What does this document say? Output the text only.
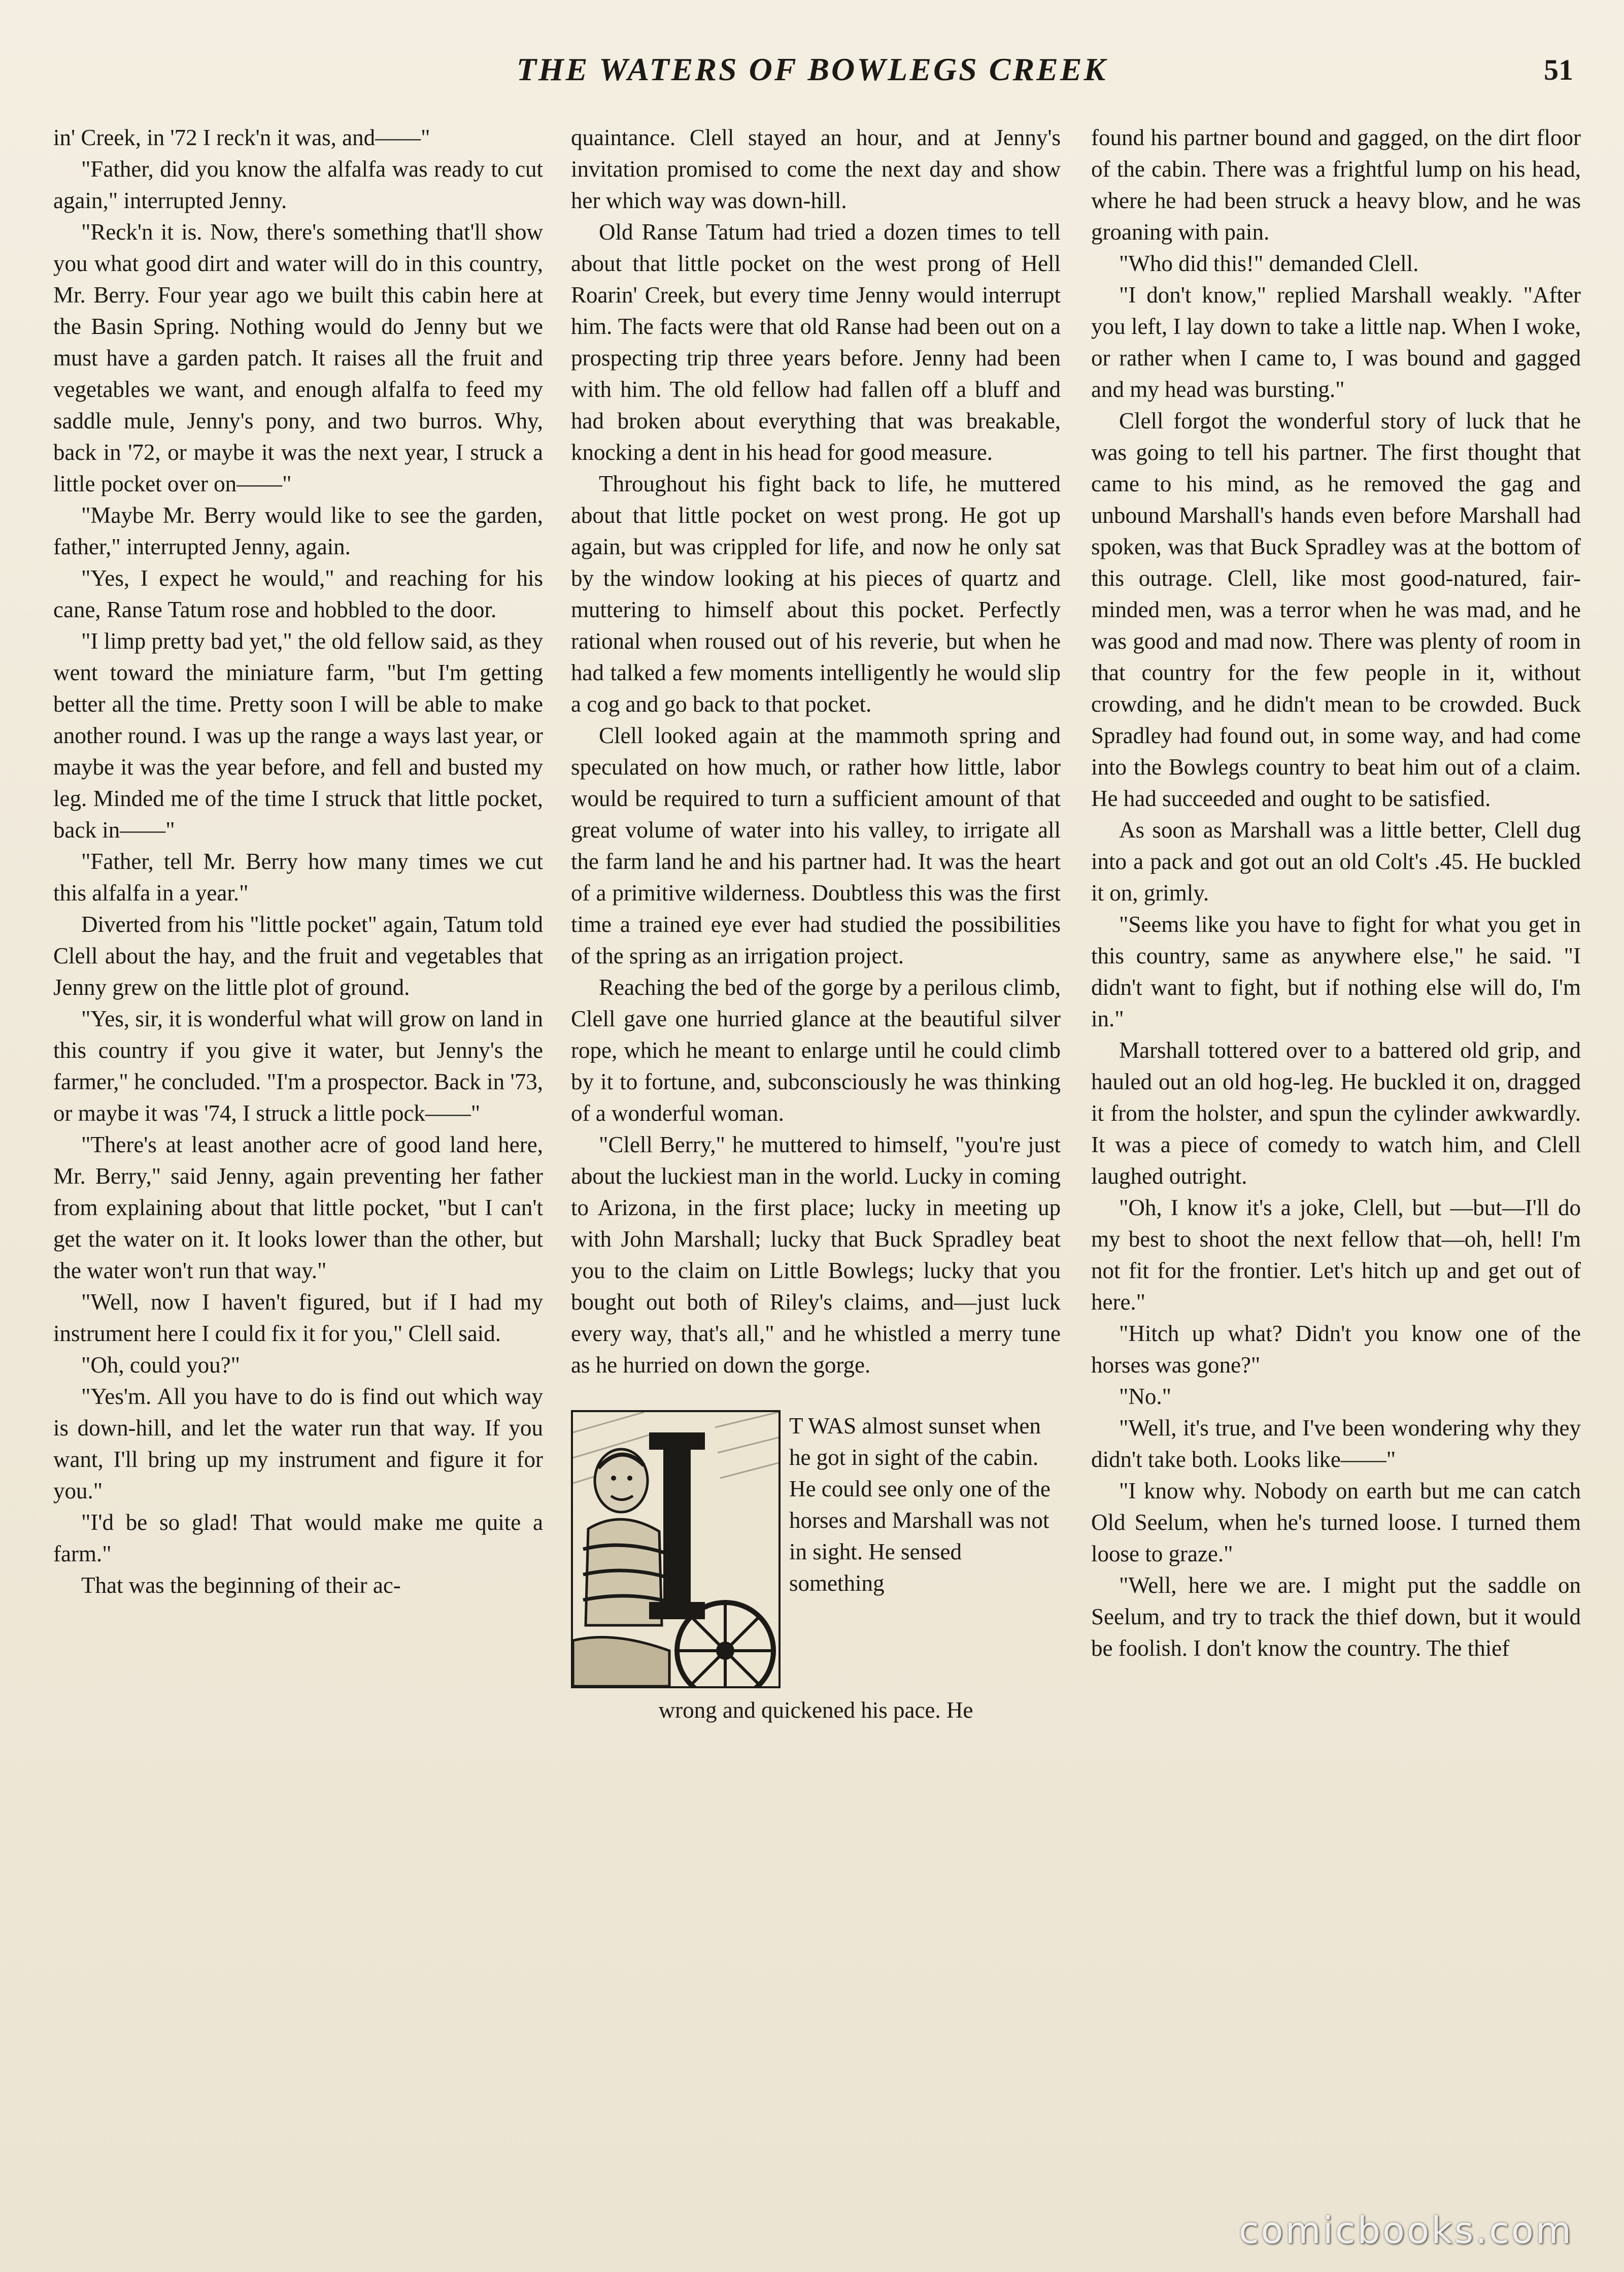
THE WATERS OF BOWLEGS CREEK	51

in' Creek, in '72 I reck'n it was, and——"

"Father, did you know the alfalfa was ready to cut again," interrupted Jenny.

"Reck'n it is. Now, there's something that'll show you what good dirt and water will do in this country, Mr. Berry. Four year ago we built this cabin here at the Basin Spring. Nothing would do Jenny but we must have a garden patch. It raises all the fruit and vegetables we want, and enough alfalfa to feed my saddle mule, Jenny's pony, and two burros. Why, back in '72, or maybe it was the next year, I struck a little pocket over on——"

"Maybe Mr. Berry would like to see the garden, father," interrupted Jenny, again.

"Yes, I expect he would," and reaching for his cane, Ranse Tatum rose and hobbled to the door.

"I limp pretty bad yet," the old fellow said, as they went toward the miniature farm, "but I'm getting better all the time. Pretty soon I will be able to make another round. I was up the range a ways last year, or maybe it was the year before, and fell and busted my leg. Minded me of the time I struck that little pocket, back in——"

"Father, tell Mr. Berry how many times we cut this alfalfa in a year."

Diverted from his "little pocket" again, Tatum told Clell about the hay, and the fruit and vegetables that Jenny grew on the little plot of ground.

"Yes, sir, it is wonderful what will grow on land in this country if you give it water, but Jenny's the farmer," he concluded. "I'm a prospector. Back in '73, or maybe it was '74, I struck a little pock——"

"There's at least another acre of good land here, Mr. Berry," said Jenny, again preventing her father from explaining about that little pocket, "but I can't get the water on it. It looks lower than the other, but the water won't run that way."

"Well, now I haven't figured, but if I had my instrument here I could fix it for you," Clell said.

"Oh, could you?"

"Yes'm. All you have to do is find out which way is down-hill, and let the water run that way. If you want, I'll bring up my instrument and figure it for you."

"I'd be so glad! That would make me quite a farm."

That was the beginning of their ac-

quaintance. Clell stayed an hour, and at Jenny's invitation promised to come the next day and show her which way was down-hill.

Old Ranse Tatum had tried a dozen times to tell about that little pocket on the west prong of Hell Roarin' Creek, but every time Jenny would interrupt him. The facts were that old Ranse had been out on a prospecting trip three years before. Jenny had been with him. The old fellow had fallen off a bluff and had broken about everything that was breakable, knocking a dent in his head for good measure.

Throughout his fight back to life, he muttered about that little pocket on west prong. He got up again, but was crippled for life, and now he only sat by the window looking at his pieces of quartz and muttering to himself about this pocket. Perfectly rational when roused out of his reverie, but when he had talked a few moments intelligently he would slip a cog and go back to that pocket.

Clell looked again at the mammoth spring and speculated on how much, or rather how little, labor would be required to turn a sufficient amount of that great volume of water into his valley, to irrigate all the farm land he and his partner had. It was the heart of a primitive wilderness. Doubtless this was the first time a trained eye ever had studied the possibilities of the spring as an irrigation project.

Reaching the bed of the gorge by a perilous climb, Clell gave one hurried glance at the beautiful silver rope, which he meant to enlarge until he could climb by it to fortune, and, subconsciously he was thinking of a wonderful woman.

"Clell Berry," he muttered to himself, "you're just about the luckiest man in the world. Lucky in coming to Arizona, in the first place; lucky in meeting up with John Marshall; lucky that Buck Spradley beat you to the claim on Little Bowlegs; lucky that you bought out both of Riley's claims, and—just luck every way, that's all," and he whistled a merry tune as he hurried on down the gorge.

T WAS almost sunset when he got in sight of the cabin. He could see only one of the horses and Marshall was not in sight. He sensed something

wrong and quickened his pace. He

found his partner bound and gagged, on the dirt floor of the cabin. There was a frightful lump on his head, where he had been struck a heavy blow, and he was groaning with pain.

"Who did this!" demanded Clell.

"I don't know," replied Marshall weakly. "After you left, I lay down to take a little nap. When I woke, or rather when I came to, I was bound and gagged and my head was bursting."

Clell forgot the wonderful story of luck that he was going to tell his partner. The first thought that came to his mind, as he removed the gag and unbound Marshall's hands even before Marshall had spoken, was that Buck Spradley was at the bottom of this outrage. Clell, like most good-natured, fair-minded men, was a terror when he was mad, and he was good and mad now. There was plenty of room in that country for the few people in it, without crowding, and he didn't mean to be crowded. Buck Spradley had found out, in some way, and had come into the Bowlegs country to beat him out of a claim. He had succeeded and ought to be satisfied.

As soon as Marshall was a little better, Clell dug into a pack and got out an old Colt's .45. He buckled it on, grimly.

"Seems like you have to fight for what you get in this country, same as anywhere else," he said. "I didn't want to fight, but if nothing else will do, I'm in."

Marshall tottered over to a battered old grip, and hauled out an old hog-leg. He buckled it on, dragged it from the holster, and spun the cylinder awkwardly. It was a piece of comedy to watch him, and Clell laughed outright.

"Oh, I know it's a joke, Clell, but —but—I'll do my best to shoot the next fellow that—oh, hell! I'm not fit for the frontier. Let's hitch up and get out of here."

"Hitch up what? Didn't you know one of the horses was gone?"

"No."

"Well, it's true, and I've been wondering why they didn't take both. Looks like——"

"I know why. Nobody on earth but me can catch Old Seelum, when he's turned loose. I turned them loose to graze."

"Well, here we are. I might put the saddle on Seelum, and try to track the thief down, but it would be foolish. I don't know the country. The thief

comicbooks.com
